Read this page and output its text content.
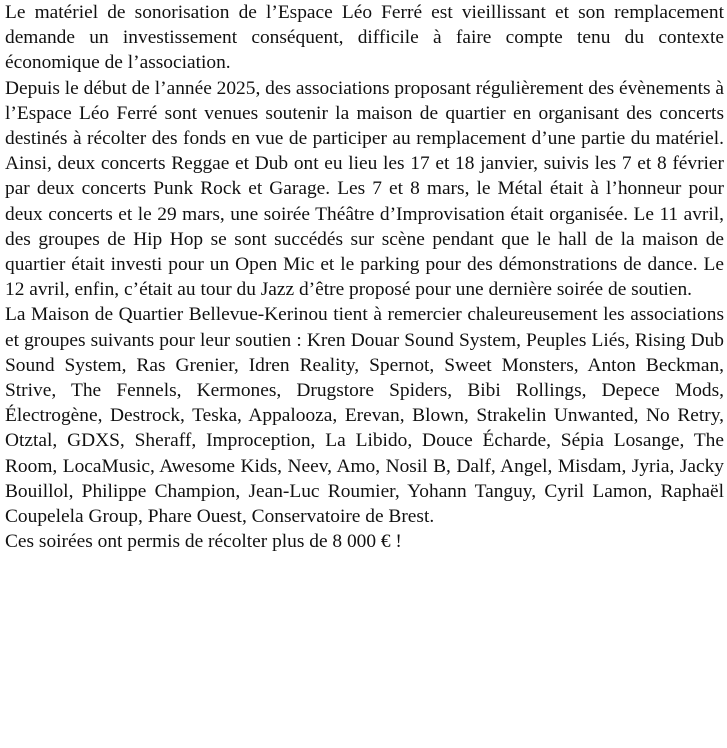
Le matériel de sonorisation de l’Espace Léo Ferré est vieillissant et son remplacement demande un investissement conséquent, difficile à faire compte tenu du contexte économique de l’association.

Depuis le début de l’année 2025, des associations proposant régulièrement des évènements à l’Espace Léo Ferré sont venues soutenir la maison de quartier en organisant des concerts destinés à récolter des fonds en vue de participer au remplacement d’une partie du matériel. Ainsi, deux concerts Reggae et Dub ont eu lieu les 17 et 18 janvier, suivis les 7 et 8 février par deux concerts Punk Rock et Garage. Les 7 et 8 mars, le Métal était à l’honneur pour deux concerts et le 29 mars, une soirée Théâtre d’Improvisation était organisée. Le 11 avril, des groupes de Hip Hop se sont succédés sur scène pendant que le hall de la maison de quartier était investi pour un Open Mic et le parking pour des démonstrations de dance. Le 12 avril, enfin, c’était au tour du Jazz d’être proposé pour une dernière soirée de soutien.

La Maison de Quartier Bellevue-Kerinou tient à remercier chaleureusement les associations et groupes suivants pour leur soutien : Kren Douar Sound System, Peuples Liés, Rising Dub Sound System, Ras Grenier, Idren Reality, Spernot, Sweet Monsters, Anton Beckman, Strive, The Fennels, Kermones, Drugstore Spiders, Bibi Rollings, Depece Mods, Électrogène, Destrock, Teska, Appalooza, Erevan, Blown, Strakelin Unwanted, No Retry, Otztal, GDXS, Sheraff, Improception, La Libido, Douce Écharde, Sépia Losange, The Room, LocaMusic, Awesome Kids, Neev, Amo, Nosil B, Dalf, Angel, Misdam, Jyria, Jacky Bouillol, Philippe Champion, Jean-Luc Roumier, Yohann Tanguy, Cyril Lamon, Raphaël Coupelela Group, Phare Ouest, Conservatoire de Brest.

Ces soirées ont permis de récolter plus de 8 000 € !
